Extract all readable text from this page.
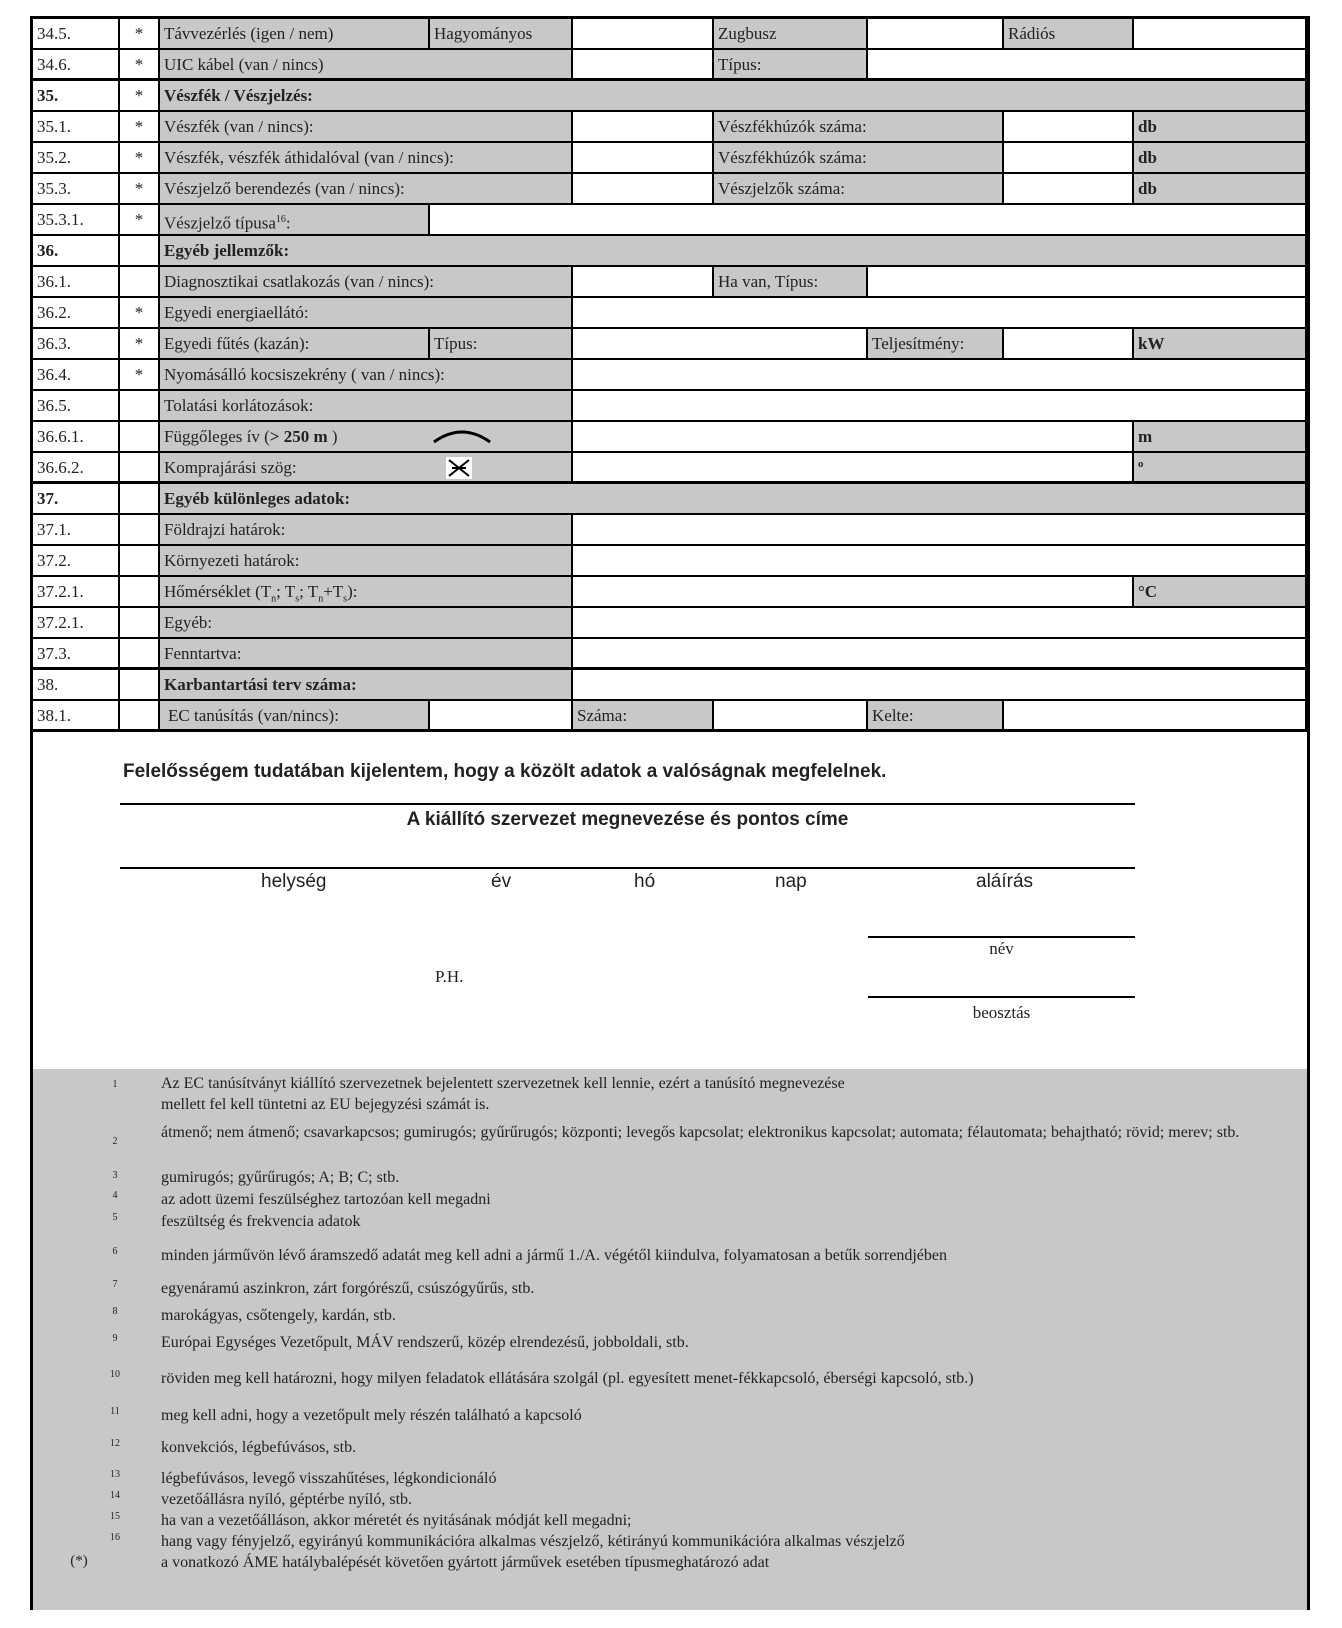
34.5.	*	Távvezérlés (igen / nem)	Hagyományos	Zugbusz	Rádiós
34.6.	*	UIC kábel (van / nincs)	Típus:
35.	*	Vészfék / Vészjelzés:
35.1.	*	Vészfék (van / nincs):	Vészfékhúzók száma:	db
35.2.	*	Vészfék, vészfék áthidalóval (van / nincs):	Vészfékhúzók száma:	db
35.3.	*	Vészjelző berendezés (van / nincs):	Vészjelzők száma:	db
35.3.1.	*	Vészjelző típusa$^{16}$:
36.	Egyéb jellemzők:
36.1.	Diagnosztikai csatlakozás (van / nincs):	Ha van, Típus:
36.2.	*	Egyedi energiaellátó:
36.3.	*	Egyedi fűtés (kazán):	Típus:	Teljesítmény:	kW
36.4.	*	Nyomásálló kocsiszekrény ( van / nincs):
36.5.	Tolatási korlátozások:
36.6.1.	Függőleges ív (> 250 m )	m
36.6.2.	Komprajárási szög:	o
37.	Egyéb különleges adatok:
37.1.	Földrajzi határok:
37.2.	Környezeti határok:
37.2.1.	Hőmérséklet ($T_n$; $T_s$; $T_n+T_s$):	°C
37.2.1.	Egyéb:
37.3.	Fenntartva:
38.	Karbantartási terv száma:
38.1.	EC tanúsítás (van/nincs):	Száma:	Kelte:
Felelősségem tudatában kijelentem, hogy a közölt adatok a valóságnak megfelelnek.
A kiállító szervezet megnevezése és pontos címe
helység	év	hó	nap	aláírás
név
P.H.
beosztás
1	Az EC tanúsítványt kiállító szervezetnek bejelentett szervezetnek kell lennie, ezért a tanúsító megnevezése mellett fel kell tüntetni az EU bejegyzési számát is.
2
átmenő; nem átmenő; csavarkapcsos; gumirugós; gyűrűrugós; központi; levegős kapcsolat; elektronikus kapcsolat; automata; félautomata; behajtható; rövid; merev; stb.
3	gumirugós; gyűrűrugós; A; B; C; stb.
4	az adott üzemi feszülséghez tartozóan kell megadni
5	feszültség és frekvencia adatok
6	minden járművön lévő áramszedő adatát meg kell adni a jármű 1./A. végétől kiindulva, folyamatosan a betűk sorrendjében
7	egyenáramú aszinkron, zárt forgórészű, csúszógyűrűs, stb.
8	marokágyas, csőtengely, kardán, stb.
9	Európai Egységes Vezetőpult, MÁV rendszerű, közép elrendezésű, jobboldali, stb.
10	röviden meg kell határozni, hogy milyen feladatok ellátására szolgál (pl. egyesített menet-fékkapcsoló, éberségi kapcsoló, stb.)
11	meg kell adni, hogy a vezetőpult mely részén található a kapcsoló
12	konvekciós, légbefúvásos, stb.
13	légbefúvásos, levegő visszahűtéses, légkondicionáló
14	vezetőállásra nyíló, géptérbe nyíló, stb.
15	ha van a vezetőálláson, akkor méretét és nyitásának módját kell megadni;
16	hang vagy fényjelző, egyirányú kommunikációra alkalmas vészjelző, kétirányú kommunikációra alkalmas vészjelző
(*)	a vonatkozó ÁME hatálybalépését követően gyártott járművek esetében típusmeghatározó adat
